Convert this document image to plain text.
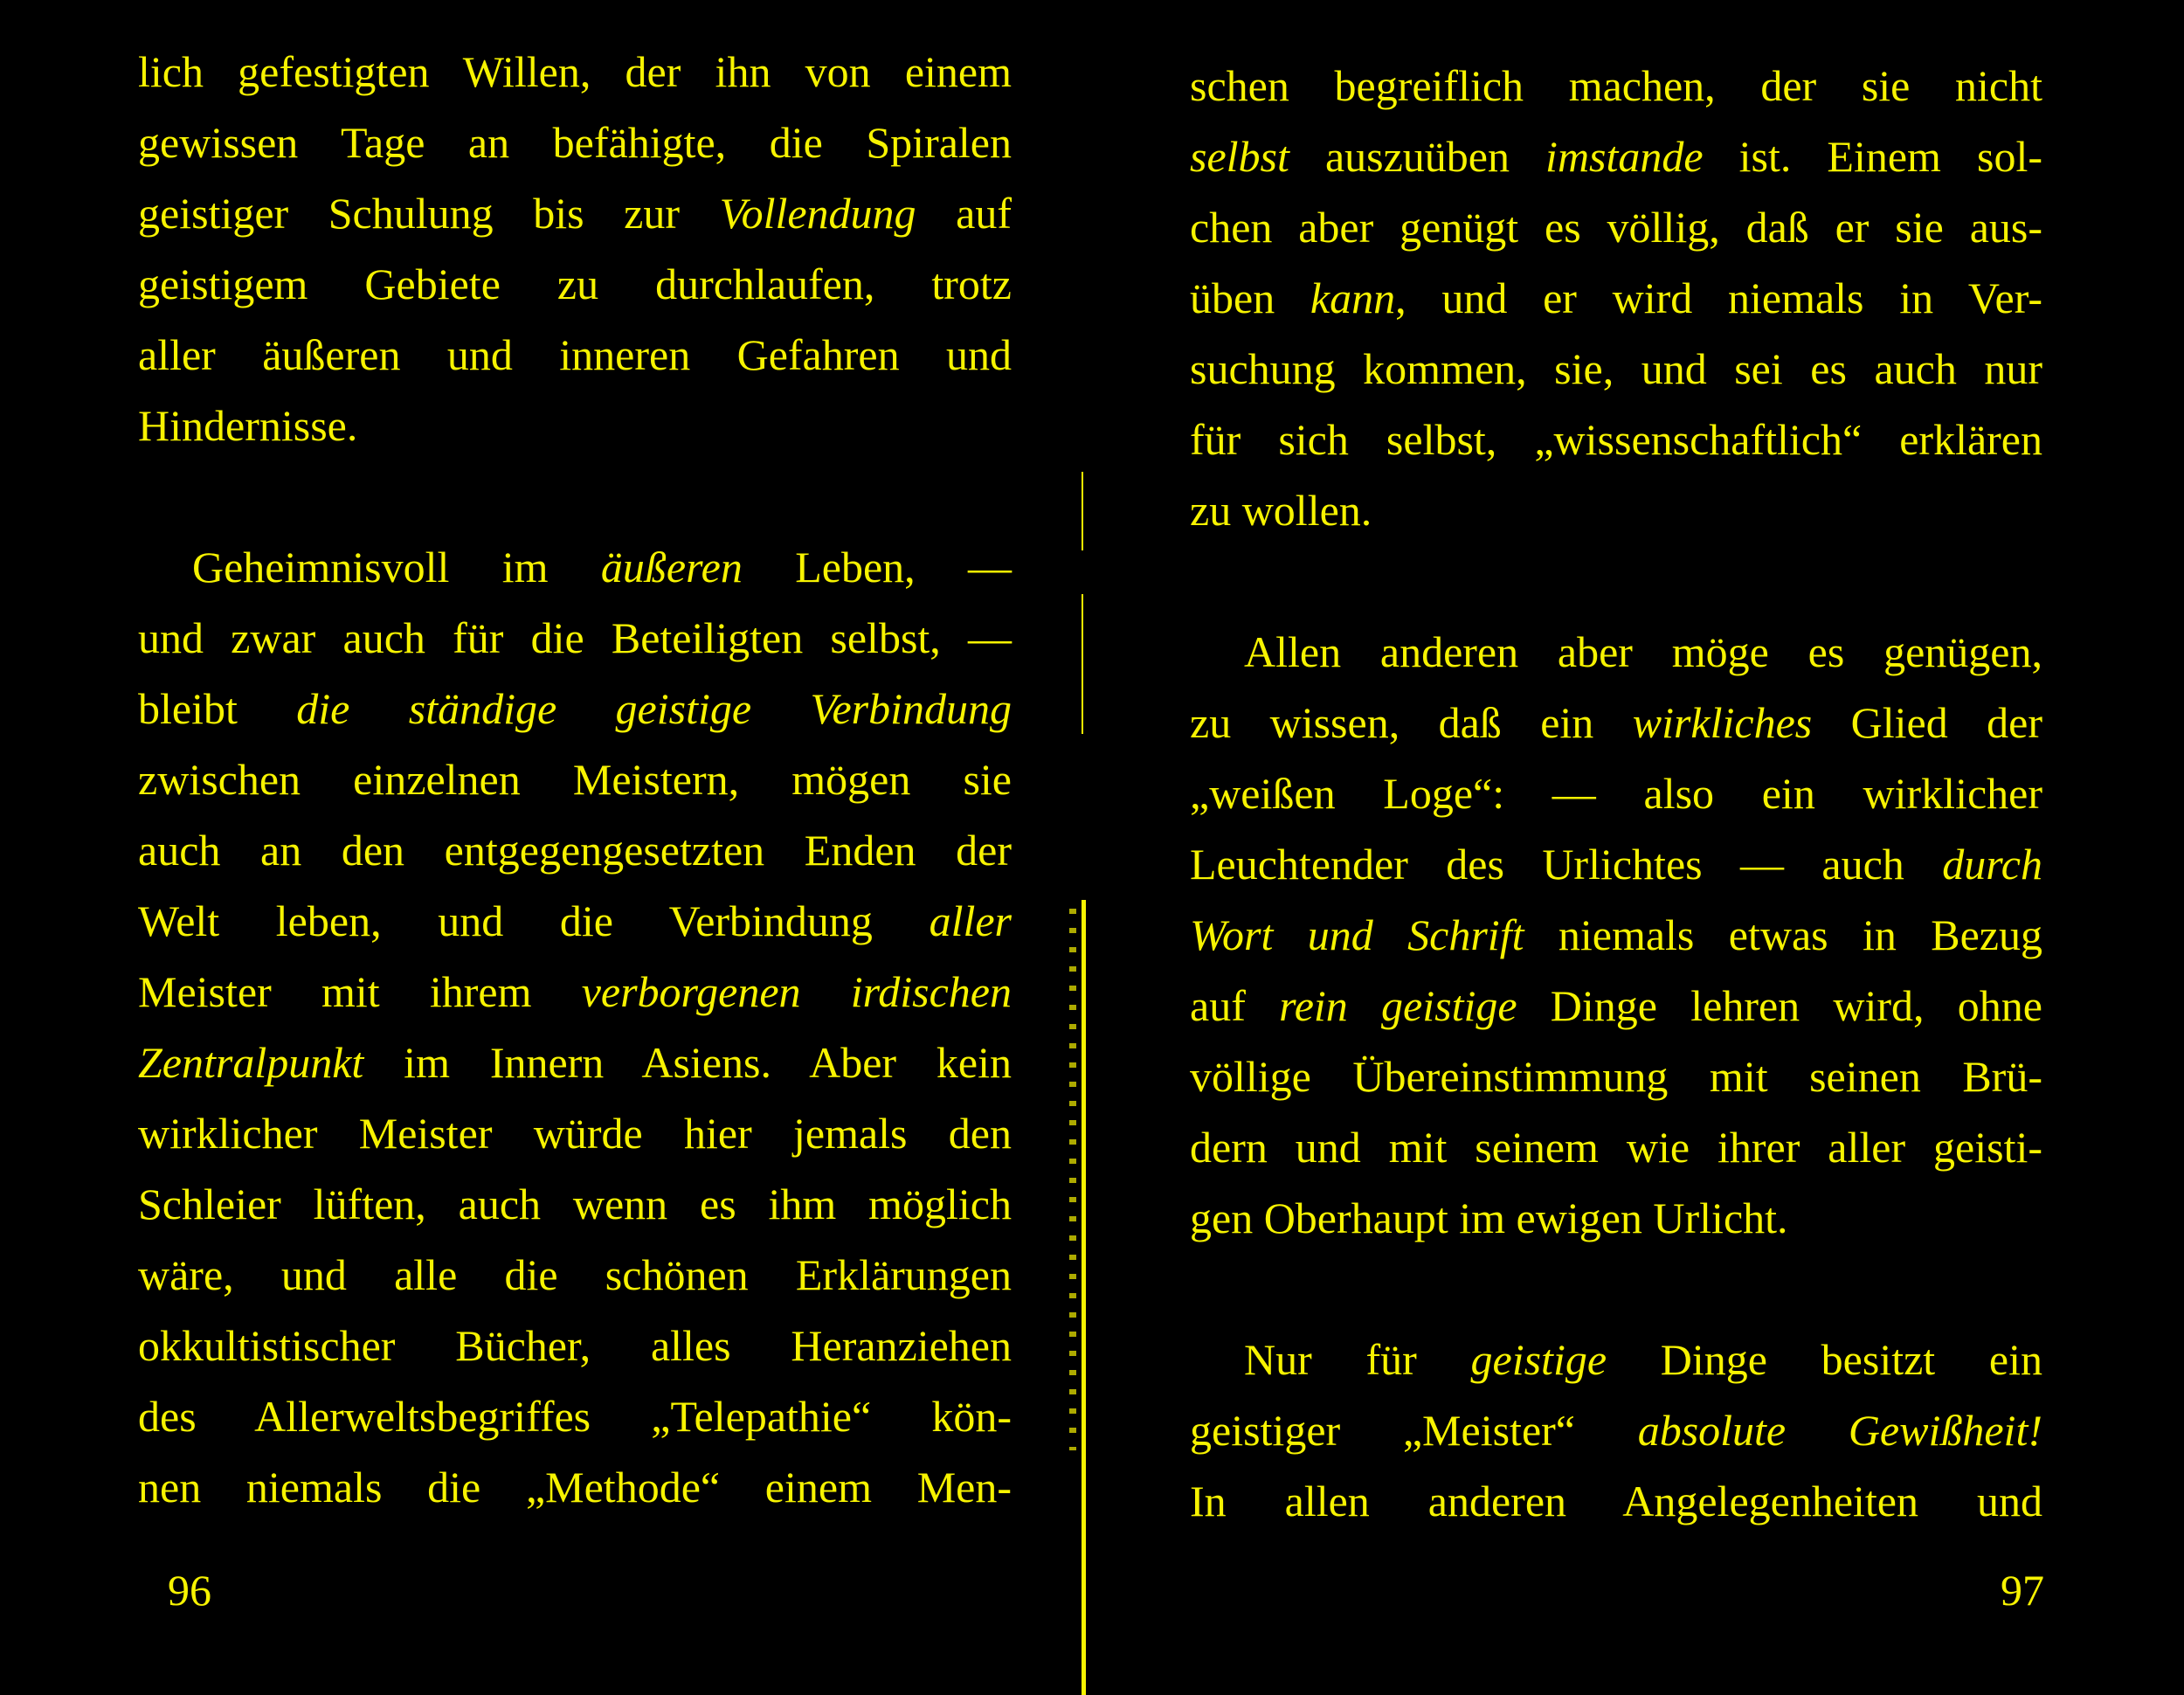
lich gefestigten Willen, der ihn von einem
gewissen Tage an befähigte, die Spiralen
geistiger Schulung bis zur Vollendung auf
geistigem Gebiete zu durchlaufen, trotz
aller äußeren und inneren Gefahren und
Hindernisse.
Geheimnisvoll im äußeren Leben, —
und zwar auch für die Beteiligten selbst, —
bleibt die ständige geistige Verbindung
zwischen einzelnen Meistern, mögen sie
auch an den entgegengesetzten Enden der
Welt leben, und die Verbindung aller
Meister mit ihrem verborgenen irdischen
Zentralpunkt im Innern Asiens. Aber kein
wirklicher Meister würde hier jemals den
Schleier lüften, auch wenn es ihm möglich
wäre, und alle die schönen Erklärungen
okkultistischer Bücher, alles Heranziehen
des Allerweltsbegriffes „Telepathie“ kön-
nen niemals die „Methode“ einem Men-
96
schen begreiflich machen, der sie nicht
selbst auszuüben imstande ist. Einem sol-
chen aber genügt es völlig, daß er sie aus-
üben kann, und er wird niemals in Ver-
suchung kommen, sie, und sei es auch nur
für sich selbst, „wissenschaftlich“ erklären
zu wollen.
Allen anderen aber möge es genügen,
zu wissen, daß ein wirkliches Glied der
„weißen Loge“: — also ein wirklicher
Leuchtender des Urlichtes — auch durch
Wort und Schrift niemals etwas in Bezug
auf rein geistige Dinge lehren wird, ohne
völlige Übereinstimmung mit seinen Brü-
dern und mit seinem wie ihrer aller geisti-
gen Oberhaupt im ewigen Urlicht.
Nur für geistige Dinge besitzt ein
geistiger „Meister“ absolute Gewißheit!
In allen anderen Angelegenheiten und
97
